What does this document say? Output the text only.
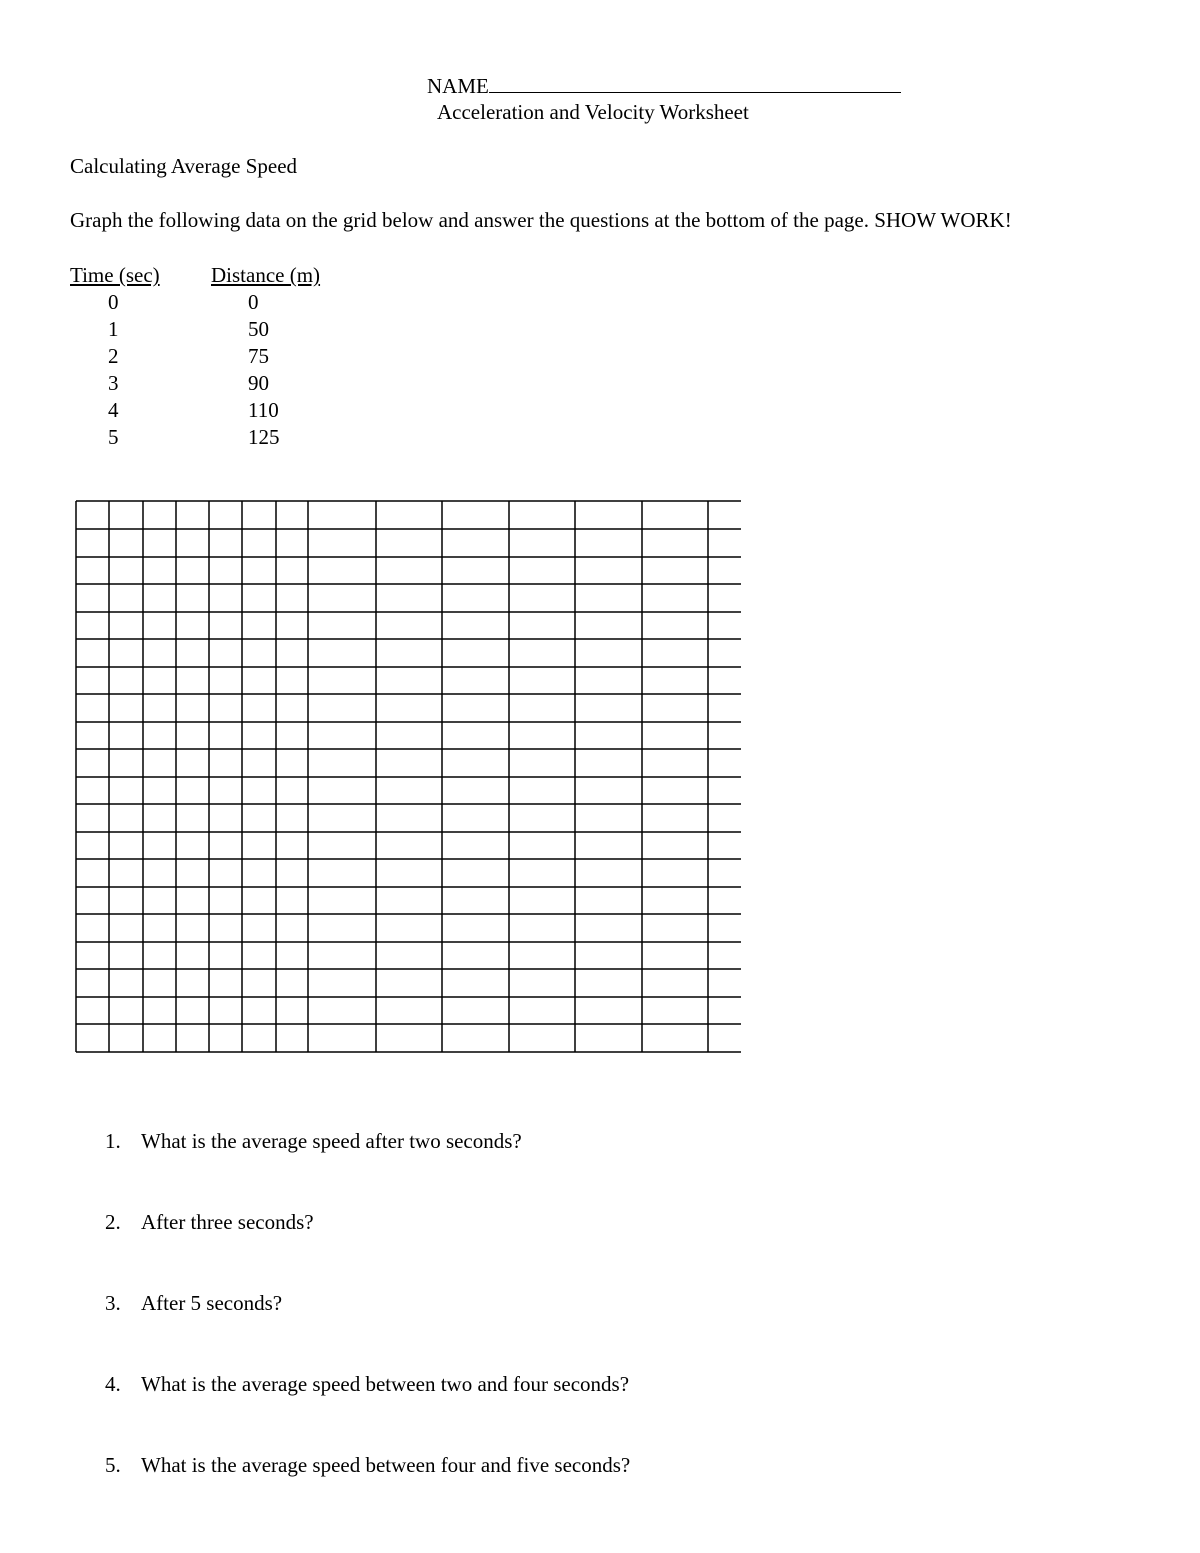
NAME
Acceleration and Velocity Worksheet
Calculating Average Speed
Graph the following data on the grid below and answer the questions at the bottom of the page. SHOW WORK!
Time (sec) Distance (m)
0	0
1	50
2	75
3	90
4	110
5	125
1. What is the average speed after two seconds?
2. After three seconds?
3. After 5 seconds?
4. What is the average speed between two and four seconds?
5. What is the average speed between four and five seconds?
